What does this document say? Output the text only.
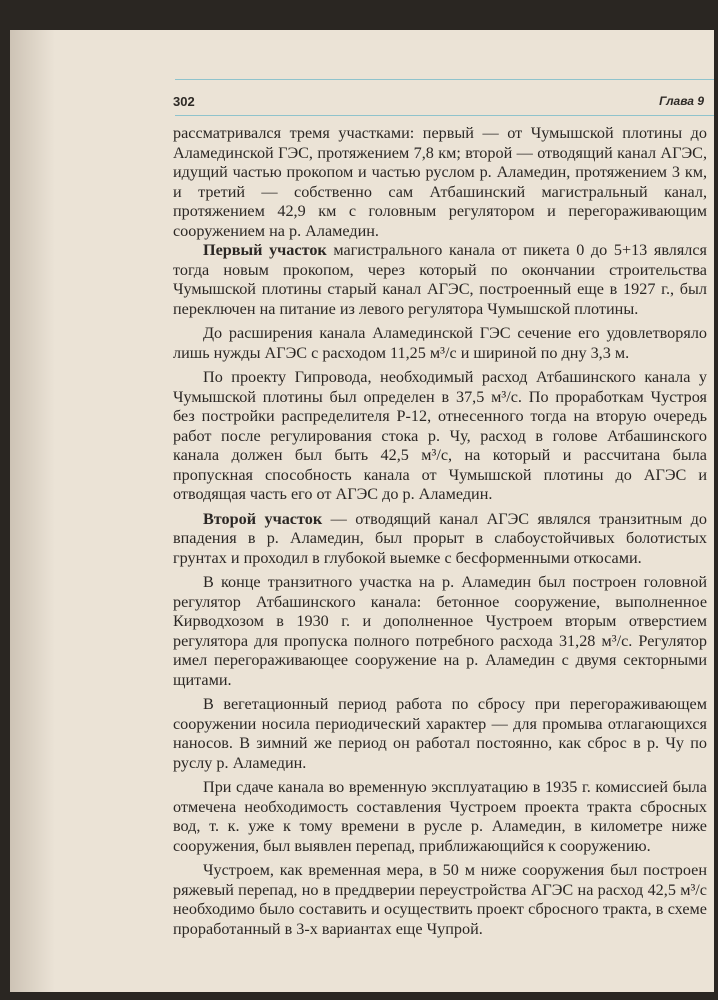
302	Глава 9

рассматривался тремя участками: первый — от Чумышской плотины до Аламединской ГЭС, протяжением 7,8 км; второй — отводящий канал АГЭС, идущий частью прокопом и частью руслом р. Аламедин, протяжением 3 км, и третий — собственно сам Атбашинский магистральный канал, протяжением 42,9 км с головным регулятором и перегораживающим сооружением на р. Аламедин.

Первый участок магистрального канала от пикета 0 до 5+13 являлся тогда новым прокопом, через который по окончании строительства Чумышской плотины старый канал АГЭС, построенный еще в 1927 г., был переключен на питание из левого регулятора Чумышской плотины.

До расширения канала Аламединской ГЭС сечение его удовлетворяло лишь нужды АГЭС с расходом 11,25 м³/с и шириной по дну 3,3 м.

По проекту Гипровода, необходимый расход Атбашинского канала у Чумышской плотины был определен в 37,5 м³/с. По проработкам Чустроя без постройки распределителя Р-12, отнесенного тогда на вторую очередь работ после регулирования стока р. Чу, расход в голове Атбашинского канала должен был быть 42,5 м³/с, на который и рассчитана была пропускная способность канала от Чумышской плотины до АГЭС и отводящая часть его от АГЭС до р. Аламедин.

Второй участок — отводящий канал АГЭС являлся транзитным до впадения в р. Аламедин, был прорыт в слабоустойчивых болотистых грунтах и проходил в глубокой выемке с бесформенными откосами.

В конце транзитного участка на р. Аламедин был построен головной регулятор Атбашинского канала: бетонное сооружение, выполненное Кирводхозом в 1930 г. и дополненное Чустроем вторым отверстием регулятора для пропуска полного потребного расхода 31,28 м³/с. Регулятор имел перегораживающее сооружение на р. Аламедин с двумя секторными щитами.

В вегетационный период работа по сбросу при перегораживающем сооружении носила периодический характер — для промыва отлагающихся наносов. В зимний же период он работал постоянно, как сброс в р. Чу по руслу р. Аламедин.

При сдаче канала во временную эксплуатацию в 1935 г. комиссией была отмечена необходимость составления Чустроем проекта тракта сбросных вод, т. к. уже к тому времени в русле р. Аламедин, в километре ниже сооружения, был выявлен перепад, приближающийся к сооружению.

Чустроем, как временная мера, в 50 м ниже сооружения был построен ряжевый перепад, но в преддверии переустройства АГЭС на расход 42,5 м³/с необходимо было составить и осуществить проект сбросного тракта, в схеме проработанный в 3-х вариантах еще Чупрой.
